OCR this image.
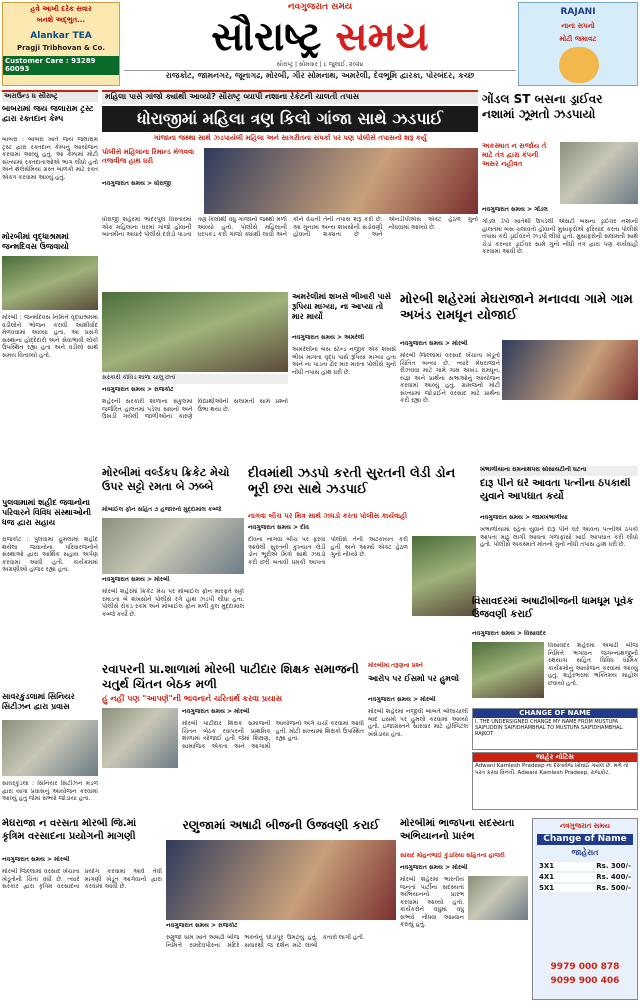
હવે આખી દરેક સવાર
બનશે અદ્ભુત...
Alankar TEA
Pragji Tribhovan & Co.
Customer Care : 93289 60093
નવગુજરાત સમય
સૌરાષ્ટ્ર સમય
સૌરાષ્ટ્ર | સોમવાર | ૮ જુલાઈ, ૨૦૨૪
રાજકોટ, જામનગર, જૂનાગઢ, મોરબી, ગીર સોમનાથ, અમરેલી, દેવભૂમિ દ્વારકા, પોરબંદર, કચ્છ
RAJANI
નાના સપનો
મોટી જમાવટ
અરાઉન્ડ ધ સૌરાષ્ટ્ર
બાબરામાં જય જલારામ ટ્રસ્ટ દ્વારા રક્તદાન કેમ્પ
બાબરા : બાબરા ખાતે જય જલારામ ટ્રસ્ટ દ્વારા રક્તદાન કેમ્પનું આયોજન કરવામાં આવ્યું હતું. આ કેમ્પમાં મોટી સંખ્યામાં રક્તદાતાઓએ ભાગ લીધો હતો અને થેલેસેમિયા ગ્રસ્ત બાળકો માટે રક્ત એકત્ર કરવામાં આવ્યું હતું.
મોરબીમાં વૃદ્ધાશ્રમમાં જન્મદિવસ ઉજવાયો
મોરબી : જન્મદિવસ નિમિત્તે વૃદ્ધાશ્રમમાં વડીલોને ભોજન કરાવી આશીર્વાદ મેળવવામાં આવ્યા હતા. આ પ્રસંગે સંસ્થાના હોદ્દેદારો અને સેવાભાવી લોકો ઉપસ્થિત રહ્યા હતા અને વડીલો સાથે સમય વિતાવ્યો હતો.
પુલવામામાં શહીદ જવાનોના પરિવારને વિવિધ સંસ્થાઓની ધજ દ્વારા સહાય
રાજકોટ : પુલવામા હુમલામાં શહીદ થયેલા જવાનોના પરિવારજનોને સંસ્થાઓ દ્વારા આર્થિક સહાય અર્પણ કરવામાં આવી હતી. કાર્યક્રમમાં અગ્રણીઓ હાજર રહ્યા હતા.
સાવરકુંડલામાં સિનિયર સિટીઝન દ્વારા પ્રવાસ
સાવરકુંડલા : સિનિયર સિટીઝન મંડળ દ્વારા યાત્રા પ્રવાસનું આયોજન કરવામાં આવ્યું હતું જેમાં સભ્યો જોડાયા હતા.
મહિલા પાસે ગાંજો ક્યાંથી આવ્યો? સૌરાષ્ટ્ર વ્યાપી નશાના રેકેટની ચાલતી તપાસ
ધોરાજીમાં મહિલા ત્રણ કિલો ગાંજા સાથે ઝડપાઈ
ગાંજાના જથ્થા સાથે ઝડપાયેલી મહિલા અને સાગરીતના સંપર્કો પર પણ પોલીસે તપાસનો શરૂ કર્યું
પોલીસે મહિલાના રિમાન્ડ મેળવવા તજવીજ હાથ ધરી
નવગુજરાત સમય > ધોરાજી
ધોરાજી શહેરમાં ભાદરપુલ વિસ્તારમાં એક મહિલાના ઘરમાં ગાંજો હોવાની બાતમીના આધારે પોલીસે દરોડો પાડતા ત્રણ કિલોથી વધુ ગાંજાનો જથ્થો મળી આવ્યો હતો. પોલીસે મહિલાની ધરપકડ કરી ગાંજો ક્યાંથી લાવી અને કોને વેચતી તેની તપાસ શરૂ કરી છે. આ ગુનામાં અન્ય શખસોની સંડોવણી હોવાની શક્યતા છે અને એનડીપીએસ એક્ટ હેઠળ ગુનો નોંધવામાં આવ્યો છે.
ગોંડલ ST બસના ડ્રાઈવર નશામાં ઝૂમતો ઝડપાયો
અકસ્માત ન સર્જાય તે માટે તંત્ર દ્વારા કંપની અસર નહીવત
નવગુજરાત સમય > ગોંડલ
ગોંડલ ડેપો ખાતેથી ઉપડેલી એસટી બસના ડ્રાઈવર નશાની હાલતમાં બસ ચલાવતો હોવાની મુસાફરોએ ફરિયાદ કરતા પોલીસે તપાસ કરી ડ્રાઈવરને ઝડપી લીધો હતો. મુસાફરોની સલામતી સાથે ચેડાં કરનાર ડ્રાઈવર સામે ગુનો નોંધી તંત્ર દ્વારા પણ કાર્યવાહી કરવામાં આવી છે.
સરકારી કોવિડ શાળા ચાલુ છતાં
નવગુજરાત સમય > રાજકોટ
શહેરની સરકારી શાળાના સંકુલમાં જર્જરિત હાલતમાં પડેલા સાધનો અને ઉખડી ગયેલી જાળીઓના કારણે વિદ્યાર્થીઓની સલામતી સામે પ્રશ્નો ઉભા થયા છે.
અમરેલીમાં શખસે ભીખારી પાસે રૂપિયા માગ્યા, ના આપ્યા તો માર માર્યો
નવગુજરાત સમય > અમરેલી
અમરેલીના બસ સ્ટેન્ડ નજીક એક શખસે ભીખ માગતા વૃદ્ધ પાસે રૂપિયા માગ્યા હતા અને ના પાડતા ઢોર માર મારતા પોલીસે ગુનો નોંધી તપાસ હાથ ધરી છે.
મોરબી શહેરમાં મેઘરાજાને મનાવવા ગામે ગામ અખંડ રામધૂન યોજાઈ
નવગુજરાત સમય > મોરબી
મોરબી જિલ્લામાં વરસાદ ખેંચાતા ખેડૂતો ચિંતિત બન્યા છે. ત્યારે મેઘરાજાને રીઝવવા માટે ગામે ગામ અખંડ રામધૂન, યજ્ઞ અને પ્રાર્થના સભાઓનું આયોજન કરવામાં આવ્યું હતું. ગ્રામજનો મોટી સંખ્યામાં જોડાઈને વરસાદ માટે પ્રાર્થના કરી રહ્યા છે.
મોરબીમાં વર્લ્ડકપ ક્રિકેટ મેચો ઉપર સટ્ટો રમતા બે ઝબ્બે
મોબાઈલ ફોન સહિત ૭ હજારનો મુદ્દામાલ કબ્જે
નવગુજરાત સમય > મોરબી
મોરબી શહેરમાં ક્રિકેટ મેચ પર મોબાઈલ ફોન મારફતે સટ્ટો રમાડતા બે શખસોને પોલીસે રંગે હાથ ઝડપી લીધા હતા. પોલીસે રોકડ રકમ અને મોબાઈલ ફોન મળી કુલ મુદ્દામાલ કબ્જે કર્યો છે.
દીવમાંથી ઝડપો કરતી સુરતની લેડી ડોન ભૂરી છરા સાથે ઝડપાઈ
નાગવા બીચ પર મિત્ર સાથે ઝઘડો કરતા પોલીસ કાર્યવાહી
નવગુજરાત સમય > દીવ
દીવના નાગવા બીચ પર ફરવા આવેલી સુરતની કુખ્યાત લેડી ડોન ભૂરીએ મિત્રો સાથે ઝઘડો કરી છરી બતાવી ધમકી આપતા પોલીસે તેની અટકાયત કરી હતી અને આર્મ્સ એક્ટ હેઠળ ગુનો નોંધ્યો છે.
ખંભાળીયાના રામનાથપરા સોસાયટીની ઘટના
દારૂ પીને ઘરે આવતા પત્નીના ઠપકાથી યુવાને આપઘાત કર્યો
નવગુજરાત સમય > જામખંભાળીયા
ખંભાળીયામાં રહેતા યુવાને દારૂ પીને ઘરે આવતા પત્નીએ ઠપકો આપતા માઠું લાગી આવતા ગળાફાંસો ખાઈ આપઘાત કરી લીધો હતો. પોલીસે અકસ્માતે મોતનો ગુનો નોંધી તપાસ હાથ ધરી છે.
રવાપરની પ્રા.શાળામાં મોરબી પાટીદાર શિક્ષક સમાજની ચતુર્થ ચિંતન બેઠક મળી
હું નહીં પણ "આપણે"ની ભાવનાને ચરિતાર્થ કરવા પ્રયાસ
નવગુજરાત સમય > મોરબી
મોરબી પાટીદાર શિક્ષક સમાજની ચિંતન બેઠક રવાપરની પ્રાથમિક શાળામાં યોજાઈ હતી જેમાં શિક્ષણ, સામાજિક એકતા અને આગામી આયોજનો અંગે ચર્ચા કરવામાં આવી હતી. મોટી સંખ્યામાં શિક્ષકો ઉપસ્થિત રહ્યા હતા.
મોરબીમાં તરૂણના પ્રશ્ને
આરોપ પર ઈસમો પર હુમલો
નવગુજરાત સમય > મોરબી
મોરબી શહેરમાં નજીવી બાબતે બોલાચાલી બાદ ઇસમો પર હુમલો કરવામાં આવ્યો હતો. ઇજાગ્રસ્તને સારવાર માટે હોસ્પિટલ ખસેડાયા હતા.
વિસાવદરમાં અષાઢીબીજની ધામધૂમ પૂર્વક ઉજવણી કરાઈ
નવગુજરાત સમય > વિસાવદર
વિસાવદર શહેરમાં અષાઢી બીજ નિમિત્તે ભગવાન જગન્નાથજીની રથયાત્રા સહિત વિવિધ ધાર્મિક કાર્યક્રમોનું આયોજન કરવામાં આવ્યું હતું. શહેરભરમાં ભક્તિમય માહોલ છવાયો હતો.
CHANGE OF NAME
I, THE UNDERSIGNED CHANGE MY NAME FROM MUSTUFA SAIFUDDIN SAIFIDHAMBHAL TO MUSTUFA SAIFIDHAMBHAL. RAJKOT
જાહેર નોટિસ
Adwani Kamlesh Pradeep ના દસ્તાવેજ ખોવાઈ ગયેલ છે. મળે તો પરત કરવા વિનંતી. Adwani Kamlesh Pradeep, રાજકોટ.
મેઘરાજા ન વરસતા મોરબી જિ.માં કૃત્રિમ વરસાદના પ્રયોગની માગણી
નવગુજરાત સમય > મોરબી
મોરબી જિલ્લામાં વરસાદ ખેંચાતા ખેડૂતોની ચિંતા વધી છે. ત્યારે સરકાર દ્વારા કૃત્રિમ વરસાદના પ્રયોગ કરવામાં આવે તેવી માગણી ખેડૂત આગેવાનો દ્વારા કરવામાં આવી છે.
રણુજામાં અષાઢી બીજની ઉજવણી કરાઈ
નવગુજરાત સમય > રાજકોટ
રણુજા ધામ ખાતે અષાઢી બીજ નિમિત્તે રામદેવપીરના મંદિરે ભક્તોનું ઘોડાપૂર ઉમટ્યું હતું. સવારથી જ દર્શન માટે લાંબી કતારો લાગી હતી.
મોરબીમાં ભાજપના સદસ્યતા અભિયાનનો પ્રારંભ
સાંસદ મોહનભાઈ કુંડારિયા સહિતના હાજરી
નવગુજરાત સમય > મોરબી
મોરબી શહેરમાં ભારતીય જનતા પાર્ટીના સદસ્યતા અભિયાનનો પ્રારંભ કરવામાં આવ્યો હતો. કાર્યકરોને વધુમાં વધુ સભ્યો નોંધવા આહ્વાન કરાયું હતું.
નવગુજરાત સમય
Change of Name
જાહેરાત
3X1	Rs. 300/-
4X1	Rs. 400/-
5X1	Rs. 500/-
9979 000 878
9099 900 406
